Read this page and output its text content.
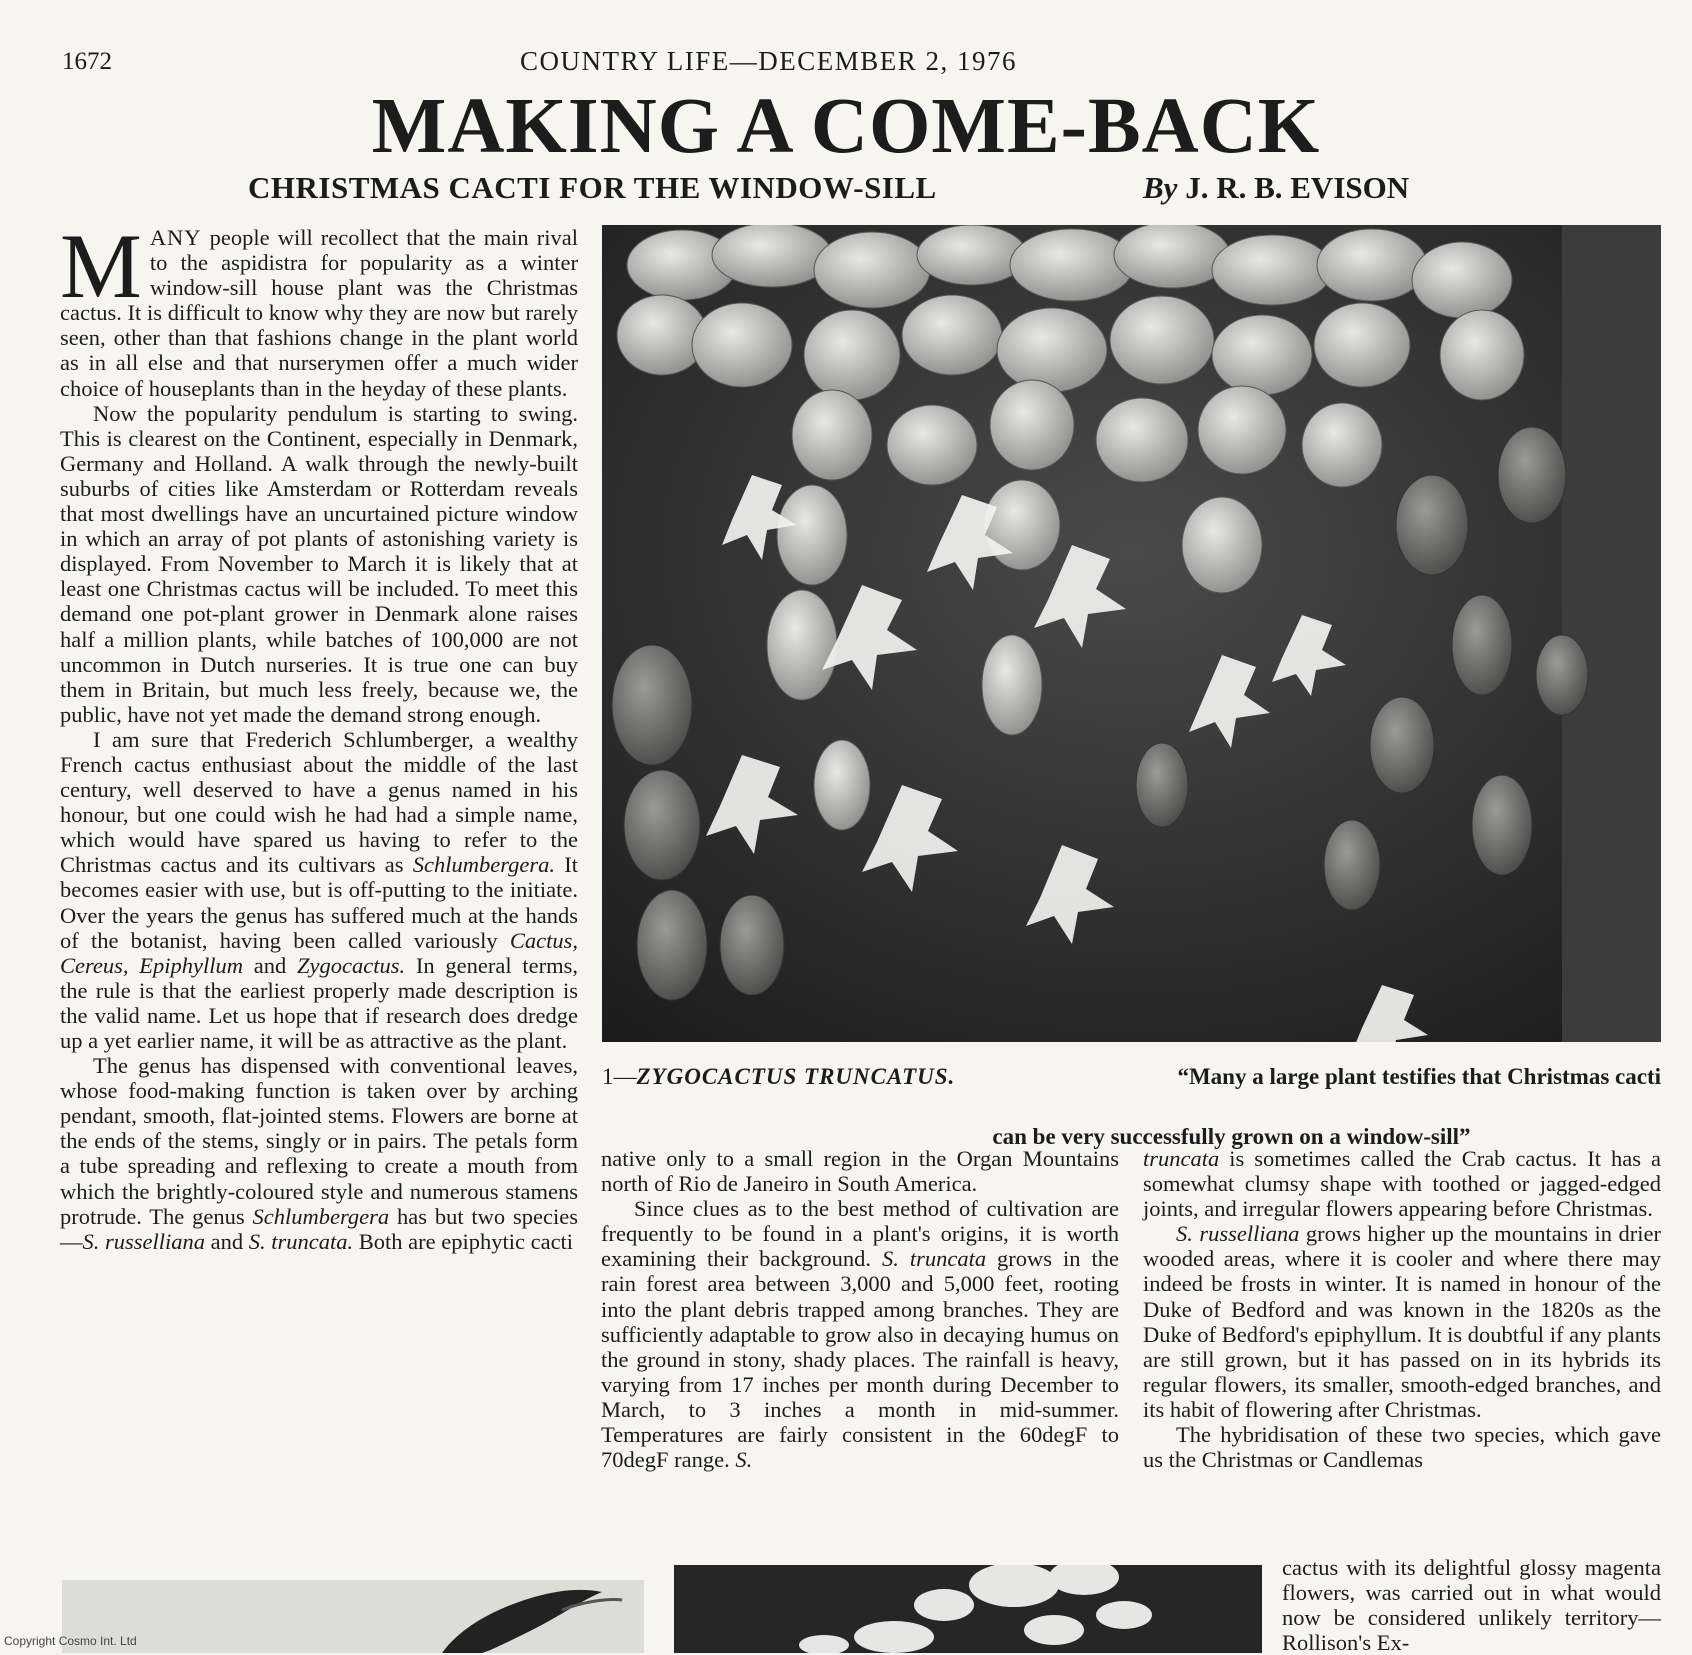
1672	COUNTRY LIFE—DECEMBER 2, 1976
MAKING A COME-BACK
CHRISTMAS CACTI FOR THE WINDOW-SILL	By J. R. B. EVISON

MANY people will recollect that the main rival to the aspidistra for popularity as a winter window-sill house plant was the Christmas cactus. It is difficult to know why they are now but rarely seen, other than that fashions change in the plant world as in all else and that nurserymen offer a much wider choice of houseplants than in the heyday of these plants.

Now the popularity pendulum is starting to swing. This is clearest on the Continent, especially in Denmark, Germany and Holland. A walk through the newly-built suburbs of cities like Amsterdam or Rotterdam reveals that most dwellings have an uncurtained picture window in which an array of pot plants of astonishing variety is displayed. From November to March it is likely that at least one Christmas cactus will be included. To meet this demand one pot-plant grower in Denmark alone raises half a million plants, while batches of 100,000 are not uncommon in Dutch nurseries. It is true one can buy them in Britain, but much less freely, because we, the public, have not yet made the demand strong enough.

I am sure that Frederich Schlumberger, a wealthy French cactus enthusiast about the middle of the last century, well deserved to have a genus named in his honour, but one could wish he had had a simple name, which would have spared us having to refer to the Christmas cactus and its cultivars as Schlumbergera. It becomes easier with use, but is off-putting to the initiate. Over the years the genus has suffered much at the hands of the botanist, having been called variously Cactus, Cereus, Epiphyllum and Zygocactus. In general terms, the rule is that the earliest properly made description is the valid name. Let us hope that if research does dredge up a yet earlier name, it will be as attractive as the plant.

The genus has dispensed with conventional leaves, whose food-making function is taken over by arching pendant, smooth, flat-jointed stems. Flowers are borne at the ends of the stems, singly or in pairs. The petals form a tube spreading and reflexing to create a mouth from which the brightly-coloured style and numerous stamens protrude. The genus Schlumbergera has but two species—S. russelliana and S. truncata. Both are epiphytic cacti

1—ZYGOCACTUS TRUNCATUS.	“Many a large plant testifies that Christmas cacti
can be very successfully grown on a window-sill”

native only to a small region in the Organ Mountains north of Rio de Janeiro in South America.

Since clues as to the best method of cultivation are frequently to be found in a plant's origins, it is worth examining their background. S. truncata grows in the rain forest area between 3,000 and 5,000 feet, rooting into the plant debris trapped among branches. They are sufficiently adaptable to grow also in decaying humus on the ground in stony, shady places. The rainfall is heavy, varying from 17 inches per month during December to March, to 3 inches a month in mid-summer. Temperatures are fairly consistent in the 60degF to 70degF range. S.

truncata is sometimes called the Crab cactus. It has a somewhat clumsy shape with toothed or jagged-edged joints, and irregular flowers appearing before Christmas.

S. russelliana grows higher up the mountains in drier wooded areas, where it is cooler and where there may indeed be frosts in winter. It is named in honour of the Duke of Bedford and was known in the 1820s as the Duke of Bedford's epiphyllum. It is doubtful if any plants are still grown, but it has passed on in its hybrids its regular flowers, its smaller, smooth-edged branches, and its habit of flowering after Christmas.

The hybridisation of these two species, which gave us the Christmas or Candlemas

cactus with its delightful glossy magenta flowers, was carried out in what would now be considered unlikely territory—Rollison's Ex-

Copyright Cosmo Int. Ltd
